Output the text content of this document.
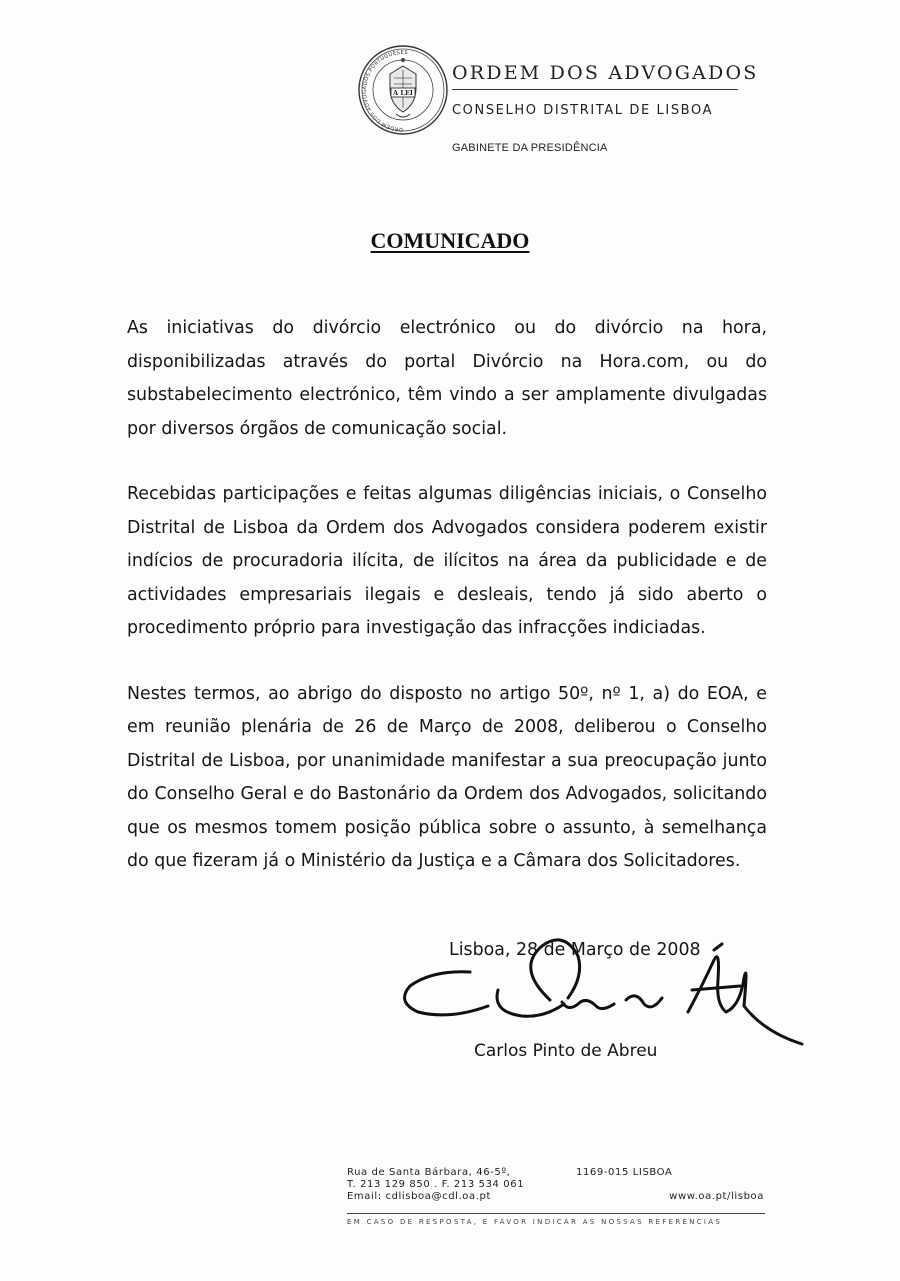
ORDEM DOS ADVOGADOS PORTUGUESES
A LEI
ORDEM DOS ADVOGADOS
CONSELHO DISTRITAL DE LISBOA
GABINETE DA PRESIDÊNCIA
COMUNICADO

As iniciativas do divórcio electrónico ou do divórcio na hora, disponibilizadas através do portal Divórcio na Hora.com, ou do substabelecimento electrónico, têm vindo a ser amplamente divulgadas por diversos órgãos de comunicação social.

Recebidas participações e feitas algumas diligências iniciais, o Conselho Distrital de Lisboa da Ordem dos Advogados considera poderem existir indícios de procuradoria ilícita, de ilícitos na área da publicidade e de actividades empresariais ilegais e desleais, tendo já sido aberto o procedimento próprio para investigação das infracções indiciadas.

Nestes termos, ao abrigo do disposto no artigo 50º, nº 1, a) do EOA, e em reunião plenária de 26 de Março de 2008, deliberou o Conselho Distrital de Lisboa, por unanimidade manifestar a sua preocupação junto do Conselho Geral e do Bastonário da Ordem dos Advogados, solicitando que os mesmos tomem posição pública sobre o assunto, à semelhança do que fizeram já o Ministério da Justiça e a Câmara dos Solicitadores.

Lisboa, 28 de Março de 2008
Carlos Pinto de Abreu
Rua de Santa Bárbara, 46-5º,	1169-015 LISBOA
T. 213 129 850 . F. 213 534 061
Email: cdlisboa@cdl.oa.pt	www.oa.pt/lisboa
EM CASO DE RESPOSTA, É FAVOR INDICAR AS NOSSAS REFERÊNCIAS
